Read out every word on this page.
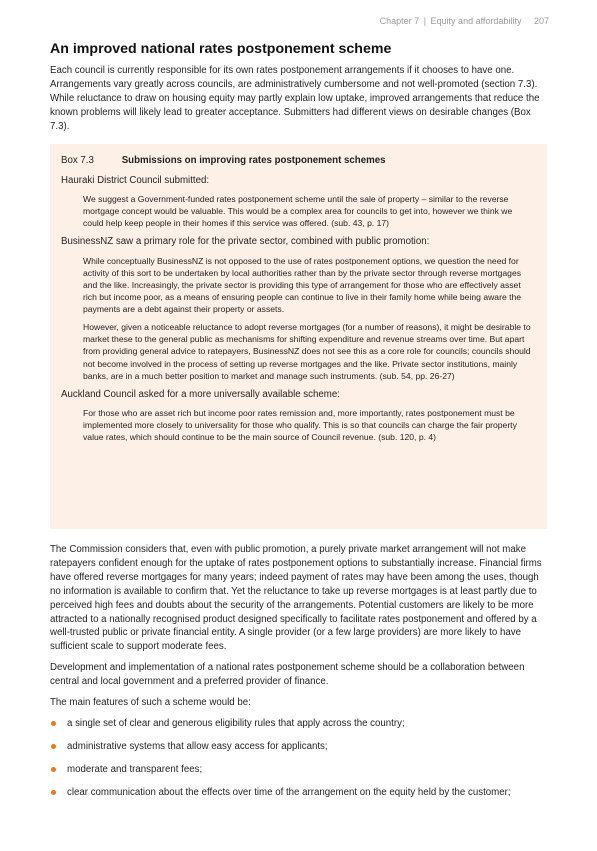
Chapter 7 | Equity and affordability 207
An improved national rates postponement scheme

Each council is currently responsible for its own rates postponement arrangements if it chooses to have one. Arrangements vary greatly across councils, are administratively cumbersome and not well-promoted (section 7.3). While reluctance to draw on housing equity may partly explain low uptake, improved arrangements that reduce the known problems will likely lead to greater acceptance. Submitters had different views on desirable changes (Box 7.3).

Box 7.3	Submissions on improving rates postponement schemes

Hauraki District Council submitted:

We suggest a Government-funded rates postponement scheme until the sale of property – similar to the reverse mortgage concept would be valuable. This would be a complex area for councils to get into, however we think we could help keep people in their homes if this service was offered. (sub. 43, p. 17)

BusinessNZ saw a primary role for the private sector, combined with public promotion:

While conceptually BusinessNZ is not opposed to the use of rates postponement options, we question the need for activity of this sort to be undertaken by local authorities rather than by the private sector through reverse mortgages and the like. Increasingly, the private sector is providing this type of arrangement for those who are effectively asset rich but income poor, as a means of ensuring people can continue to live in their family home while being aware the payments are a debt against their property or assets.

However, given a noticeable reluctance to adopt reverse mortgages (for a number of reasons), it might be desirable to market these to the general public as mechanisms for shifting expenditure and revenue streams over time. But apart from providing general advice to ratepayers, BusinessNZ does not see this as a core role for councils; councils should not become involved in the process of setting up reverse mortgages and the like. Private sector institutions, mainly banks, are in a much better position to market and manage such instruments. (sub. 54, pp. 26-27)

Auckland Council asked for a more universally available scheme:

For those who are asset rich but income poor rates remission and, more importantly, rates postponement must be implemented more closely to universality for those who qualify. This is so that councils can charge the fair property value rates, which should continue to be the main source of Council revenue. (sub. 120, p. 4)

The Commission considers that, even with public promotion, a purely private market arrangement will not make ratepayers confident enough for the uptake of rates postponement options to substantially increase. Financial firms have offered reverse mortgages for many years; indeed payment of rates may have been among the uses, though no information is available to confirm that. Yet the reluctance to take up reverse mortgages is at least partly due to perceived high fees and doubts about the security of the arrangements. Potential customers are likely to be more attracted to a nationally recognised product designed specifically to facilitate rates postponement and offered by a well-trusted public or private financial entity. A single provider (or a few large providers) are more likely to have sufficient scale to support moderate fees.

Development and implementation of a national rates postponement scheme should be a collaboration between central and local government and a preferred provider of finance.

The main features of such a scheme would be:

a single set of clear and generous eligibility rules that apply across the country;
administrative systems that allow easy access for applicants;
moderate and transparent fees;
clear communication about the effects over time of the arrangement on the equity held by the customer;
